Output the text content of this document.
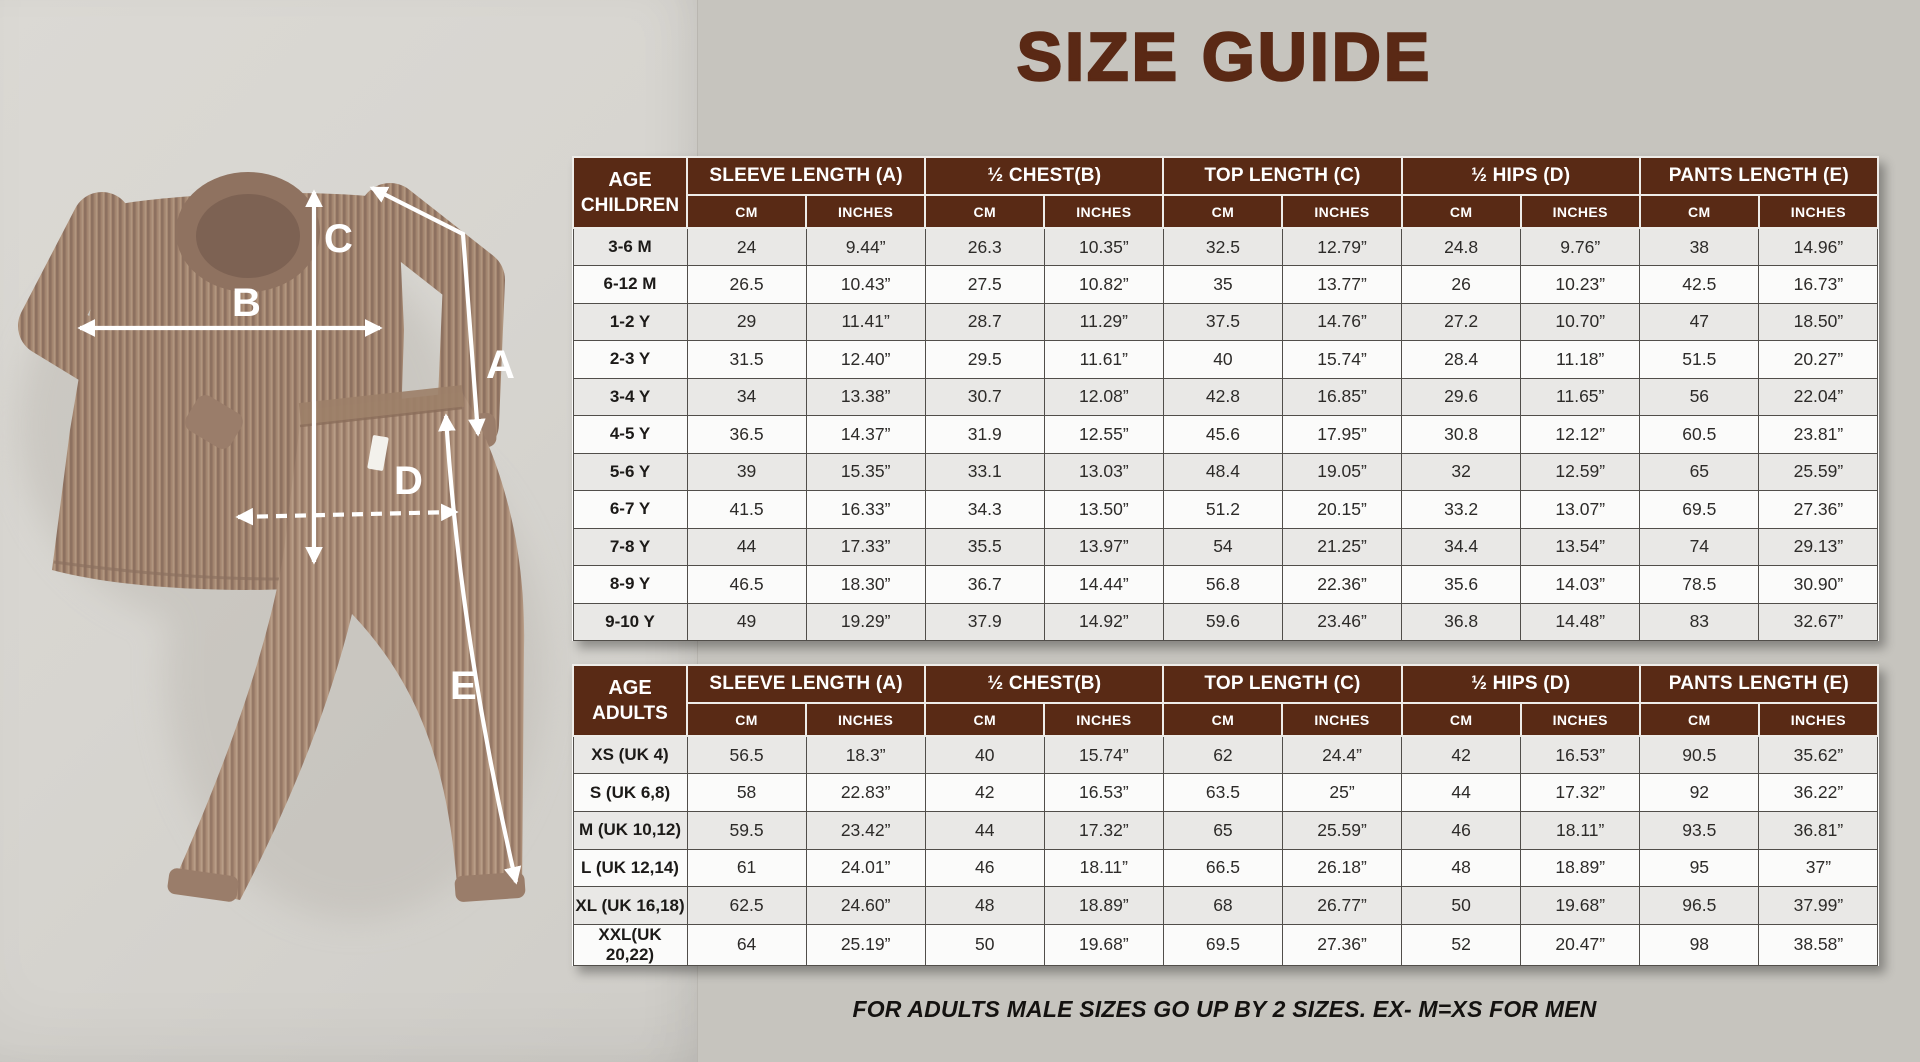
A
B
C
D
E
SIZE GUIDE
AGE
CHILDREN	SLEEVE LENGTH (A)		½ CHEST(B)		TOP LENGTH (C)		½ HIPS (D)		PANTS LENGTH (E)	
	CM	INCHES	CM	INCHES	CM	INCHES	CM	INCHES	CM	INCHES
3-6 M	24	9.44”	26.3	10.35”	32.5	12.79”	24.8	9.76”	38	14.96”
6-12 M	26.5	10.43”	27.5	10.82”	35	13.77”	26	10.23”	42.5	16.73”
1-2 Y	29	11.41”	28.7	11.29”	37.5	14.76”	27.2	10.70”	47	18.50”
2-3 Y	31.5	12.40”	29.5	11.61”	40	15.74”	28.4	11.18”	51.5	20.27”
3-4 Y	34	13.38”	30.7	12.08”	42.8	16.85”	29.6	11.65”	56	22.04”
4-5 Y	36.5	14.37”	31.9	12.55”	45.6	17.95”	30.8	12.12”	60.5	23.81”
5-6 Y	39	15.35”	33.1	13.03”	48.4	19.05”	32	12.59”	65	25.59”
6-7 Y	41.5	16.33”	34.3	13.50”	51.2	20.15”	33.2	13.07”	69.5	27.36”
7-8 Y	44	17.33”	35.5	13.97”	54	21.25”	34.4	13.54”	74	29.13”
8-9 Y	46.5	18.30”	36.7	14.44”	56.8	22.36”	35.6	14.03”	78.5	30.90”
9-10 Y	49	19.29”	37.9	14.92”	59.6	23.46”	36.8	14.48”	83	32.67”
AGE
ADULTS	SLEEVE LENGTH (A)		½ CHEST(B)		TOP LENGTH (C)		½ HIPS (D)		PANTS LENGTH (E)	
	CM	INCHES	CM	INCHES	CM	INCHES	CM	INCHES	CM	INCHES
XS (UK 4)	56.5	18.3”	40	15.74”	62	24.4”	42	16.53”	90.5	35.62”
S (UK 6,8)	58	22.83”	42	16.53”	63.5	25”	44	17.32”	92	36.22”
M (UK 10,12)	59.5	23.42”	44	17.32”	65	25.59”	46	18.11”	93.5	36.81”
L (UK 12,14)	61	24.01”	46	18.11”	66.5	26.18”	48	18.89”	95	37”
XL (UK 16,18)	62.5	24.60”	48	18.89”	68	26.77”	50	19.68”	96.5	37.99”
XXL(UK 20,22)	64	25.19”	50	19.68”	69.5	27.36”	52	20.47”	98	38.58”

FOR ADULTS MALE SIZES GO UP BY 2 SIZES. EX- M=XS FOR MEN
